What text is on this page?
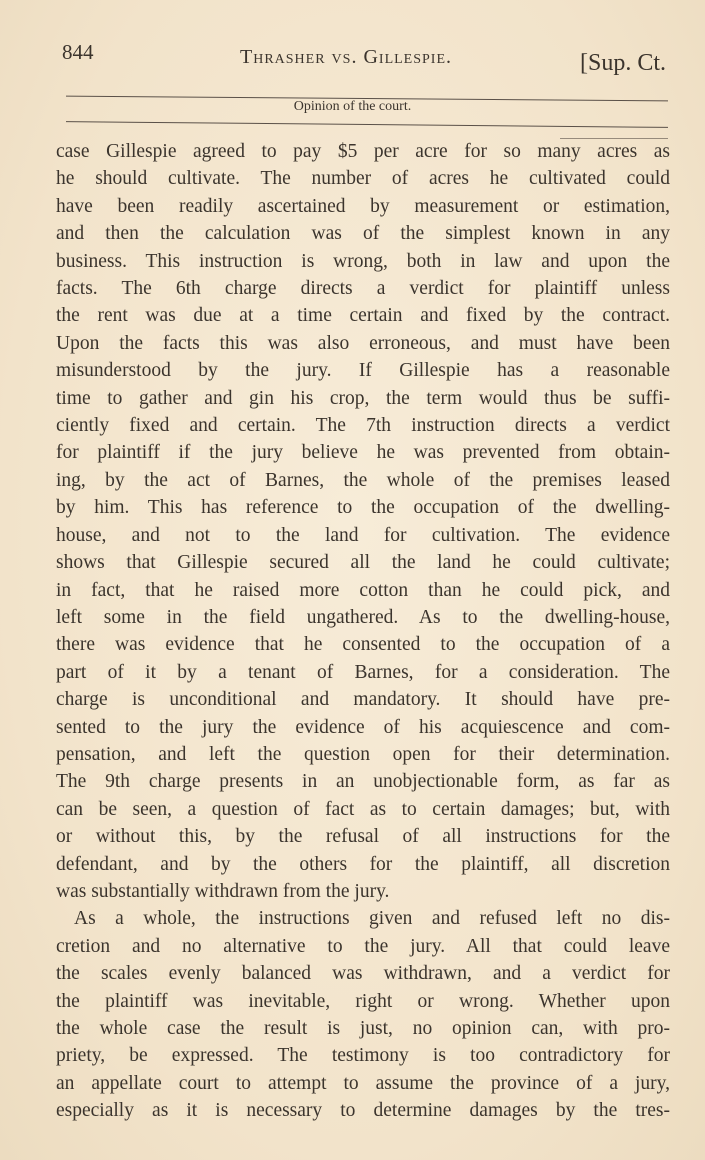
844	Thrasher vs. Gillespie.	[Sup. Ct.
Opinion of the court.
case Gillespie agreed to pay $5 per acre for so many acres as
he should cultivate. The number of acres he cultivated could
have been readily ascertained by measurement or estimation,
and then the calculation was of the simplest known in any
business. This instruction is wrong, both in law and upon the
facts. The 6th charge directs a verdict for plaintiff unless
the rent was due at a time certain and fixed by the contract.
Upon the facts this was also erroneous, and must have been
misunderstood by the jury. If Gillespie has a reasonable
time to gather and gin his crop, the term would thus be suffi-
ciently fixed and certain. The 7th instruction directs a verdict
for plaintiff if the jury believe he was prevented from obtain-
ing, by the act of Barnes, the whole of the premises leased
by him. This has reference to the occupation of the dwelling-
house, and not to the land for cultivation. The evidence
shows that Gillespie secured all the land he could cultivate;
in fact, that he raised more cotton than he could pick, and
left some in the field ungathered. As to the dwelling-house,
there was evidence that he consented to the occupation of a
part of it by a tenant of Barnes, for a consideration. The
charge is unconditional and mandatory. It should have pre-
sented to the jury the evidence of his acquiescence and com-
pensation, and left the question open for their determination.
The 9th charge presents in an unobjectionable form, as far as
can be seen, a question of fact as to certain damages; but, with
or without this, by the refusal of all instructions for the
defendant, and by the others for the plaintiff, all discretion
was substantially withdrawn from the jury.
As a whole, the instructions given and refused left no dis-
cretion and no alternative to the jury. All that could leave
the scales evenly balanced was withdrawn, and a verdict for
the plaintiff was inevitable, right or wrong. Whether upon
the whole case the result is just, no opinion can, with pro-
priety, be expressed. The testimony is too contradictory for
an appellate court to attempt to assume the province of a jury,
especially as it is necessary to determine damages by the tres-
